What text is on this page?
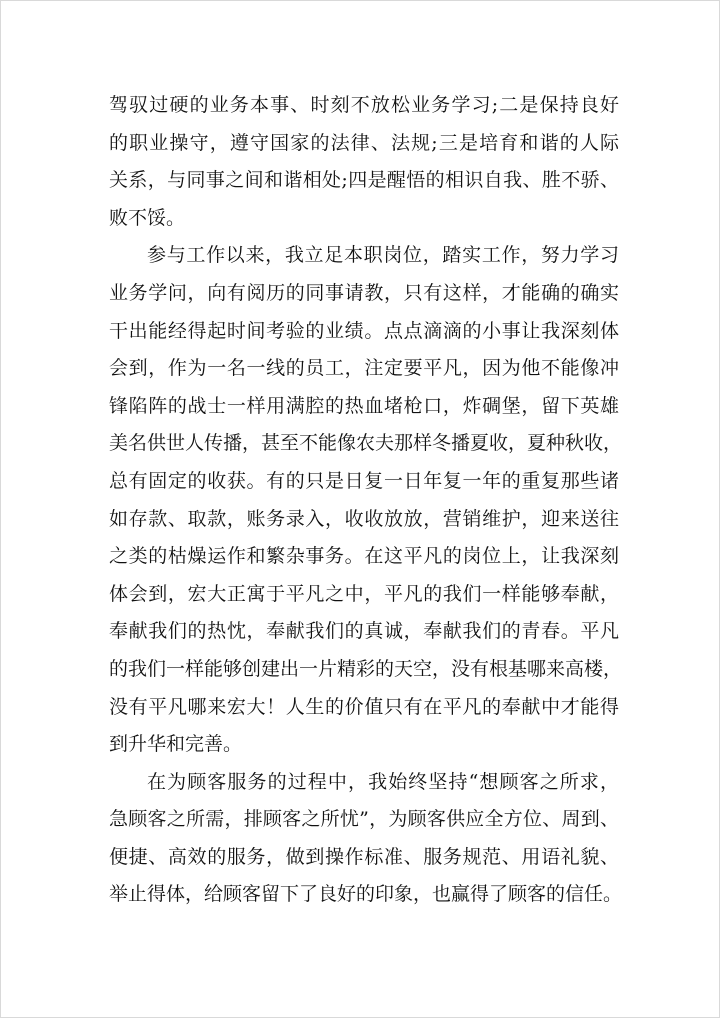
驾驭过硬的业务本事、时刻不放松业务学习;二是保持良好
的职业操守，遵守国家的法律、法规;三是培育和谐的人际
关系，与同事之间和谐相处;四是醒悟的相识自我、胜不骄、
败不馁。
参与工作以来，我立足本职岗位，踏实工作，努力学习
业务学问，向有阅历的同事请教，只有这样，才能确的确实
干出能经得起时间考验的业绩。点点滴滴的小事让我深刻体
会到，作为一名一线的员工，注定要平凡，因为他不能像冲
锋陷阵的战士一样用满腔的热血堵枪口，炸碉堡，留下英雄
美名供世人传播，甚至不能像农夫那样冬播夏收，夏种秋收，
总有固定的收获。有的只是日复一日年复一年的重复那些诸
如存款、取款，账务录入，收收放放，营销维护，迎来送往
之类的枯燥运作和繁杂事务。在这平凡的岗位上，让我深刻
体会到，宏大正寓于平凡之中，平凡的我们一样能够奉献，
奉献我们的热忱，奉献我们的真诚，奉献我们的青春。平凡
的我们一样能够创建出一片精彩的天空，没有根基哪来高楼，
没有平凡哪来宏大！人生的价值只有在平凡的奉献中才能得
到升华和完善。
在为顾客服务的过程中，我始终坚持“想顾客之所求，
急顾客之所需，排顾客之所忧”，为顾客供应全方位、周到、
便捷、高效的服务，做到操作标准、服务规范、用语礼貌、
举止得体，给顾客留下了良好的印象，也赢得了顾客的信任。
